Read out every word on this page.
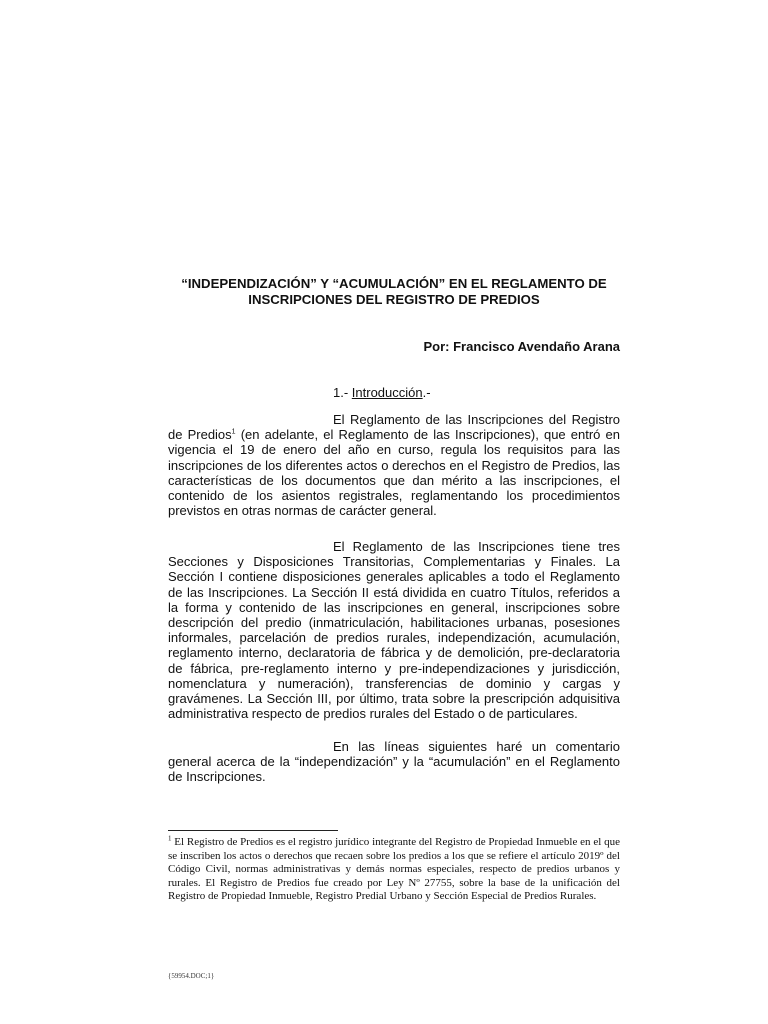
“INDEPENDIZACIÓN” Y “ACUMULACIÓN” EN EL REGLAMENTO DE
INSCRIPCIONES DEL REGISTRO DE PREDIOS
Por: Francisco Avendaño Arana
1.- Introducción.-

El Reglamento de las Inscripciones del Registro de Predios$^1$ (en adelante, el Reglamento de las Inscripciones), que entró en vigencia el 19 de enero del año en curso, regula los requisitos para las inscripciones de los diferentes actos o derechos en el Registro de Predios, las características de los documentos que dan mérito a las inscripciones, el contenido de los asientos registrales, reglamentando los procedimientos previstos en otras normas de carácter general.

El Reglamento de las Inscripciones tiene tres Secciones y Disposiciones Transitorias, Complementarias y Finales. La Sección I contiene disposiciones generales aplicables a todo el Reglamento de las Inscripciones. La Sección II está dividida en cuatro Títulos, referidos a la forma y contenido de las inscripciones en general, inscripciones sobre descripción del predio (inmatriculación, habilitaciones urbanas, posesiones informales, parcelación de predios rurales, independización, acumulación, reglamento interno, declaratoria de fábrica y de demolición, pre-declaratoria de fábrica, pre-reglamento interno y pre-independizaciones y jurisdicción, nomenclatura y numeración), transferencias de dominio y cargas y gravámenes. La Sección III, por último, trata sobre la prescripción adquisitiva administrativa respecto de predios rurales del Estado o de particulares.

En las líneas siguientes haré un comentario general acerca de la “independización” y la “acumulación” en el Reglamento de Inscripciones.

$^1$ El Registro de Predios es el registro jurídico integrante del Registro de Propiedad Inmueble en el que se inscriben los actos o derechos que recaen sobre los predios a los que se refiere el artículo 2019º del Código Civil, normas administrativas y demás normas especiales, respecto de predios urbanos y rurales. El Registro de Predios fue creado por Ley Nº 27755, sobre la base de la unificación del Registro de Propiedad Inmueble, Registro Predial Urbano y Sección Especial de Predios Rurales.

{59954.DOC;1}
